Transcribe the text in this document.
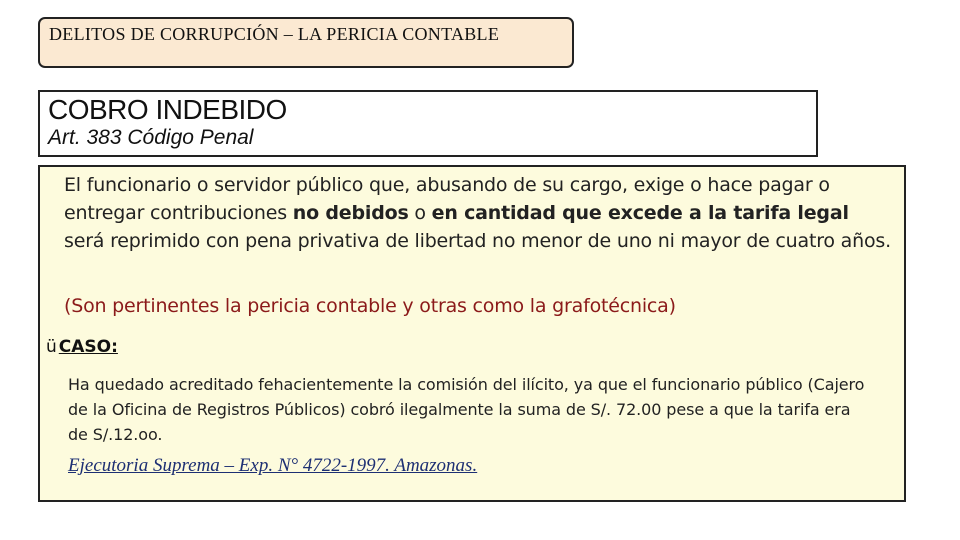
DELITOS DE CORRUPCIÓN – LA PERICIA CONTABLE
COBRO INDEBIDO
Art. 383 Código Penal
El funcionario o servidor público que, abusando de su cargo, exige o hace pagar o entregar contribuciones no debidos o en cantidad que excede a la tarifa legal será reprimido con pena privativa de libertad no menor de uno ni mayor de cuatro años.
(Son pertinentes la pericia contable y otras como la grafotécnica)
ü CASO:
Ha quedado acreditado fehacientemente la comisión del ilícito, ya que el funcionario público (Cajero de la Oficina de Registros Públicos) cobró ilegalmente la suma de S/. 72.00 pese a que la tarifa era de S/.12.oo.
Ejecutoria Suprema – Exp. N° 4722-1997. Amazonas.
